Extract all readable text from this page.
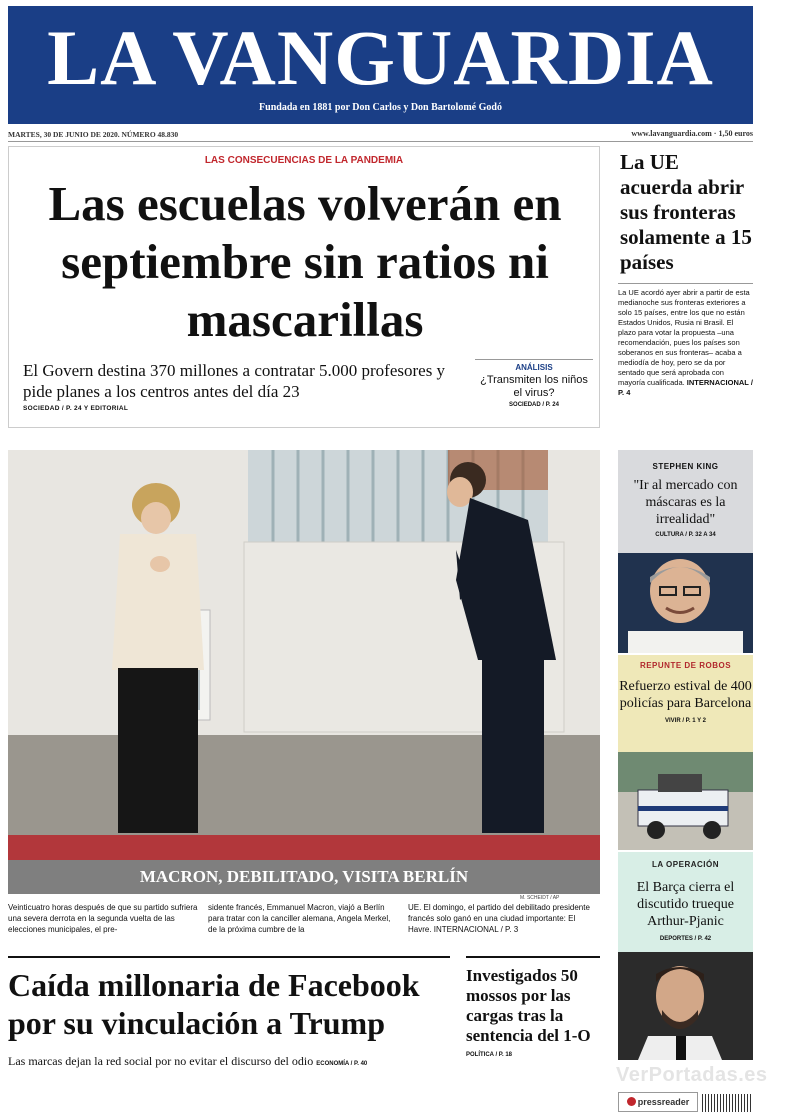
LA VANGUARDIA
Fundada en 1881 por Don Carlos y Don Bartolomé Godó
MARTES, 30 DE JUNIO DE 2020. NÚMERO 48.830	www.lavanguardia.com · 1,50 euros
LAS CONSECUENCIAS DE LA PANDEMIA
Las escuelas volverán en septiembre sin ratios ni mascarillas
El Govern destina 370 millones a contratar 5.000 profesores y pide planes a los centros antes del día 23
SOCIEDAD / P. 24 Y EDITORIAL
ANÁLISIS
¿Transmiten los niños el virus?
SOCIEDAD / P. 24
La UE acuerda abrir sus fronteras solamente a 15 países
La UE acordó ayer abrir a partir de esta medianoche sus fronteras exteriores a solo 15 países, entre los que no están Estados Unidos, Rusia ni Brasil. El plazo para votar la propuesta –una recomendación, pues los países son soberanos en sus fronteras– acaba a mediodía de hoy, pero se da por sentado que será aprobada con mayoría cualificada. INTERNACIONAL / P. 4
MACRON, DEBILITADO, VISITA BERLÍN
M. SCHEIDT / AP
Veinticuatro horas después de que su partido sufriera una severa derrota en la segunda vuelta de las elecciones municipales, el pre-
sidente francés, Emmanuel Macron, viajó a Berlín para tratar con la canciller alemana, Angela Merkel, de la próxima cumbre de la
UE. El domingo, el partido del debilitado presidente francés solo ganó en una ciudad importante: El Havre. INTERNACIONAL / P. 3
Caída millonaria de Facebook por su vinculación a Trump
Las marcas dejan la red social por no evitar el discurso del odio ECONOMÍA / P. 40
Investigados 50 mossos por las cargas tras la sentencia del 1-O
POLÍTICA / P. 18
STEPHEN KING
"Ir al mercado con máscaras es la irrealidad"
CULTURA / P. 32 A 34
REPUNTE DE ROBOS
Refuerzo estival de 400 policías para Barcelona
VIVIR / P. 1 Y 2
LA OPERACIÓN
El Barça cierra el discutido trueque Arthur-Pjanic
DEPORTES / P. 42
VerPortadas.es
pressreader
